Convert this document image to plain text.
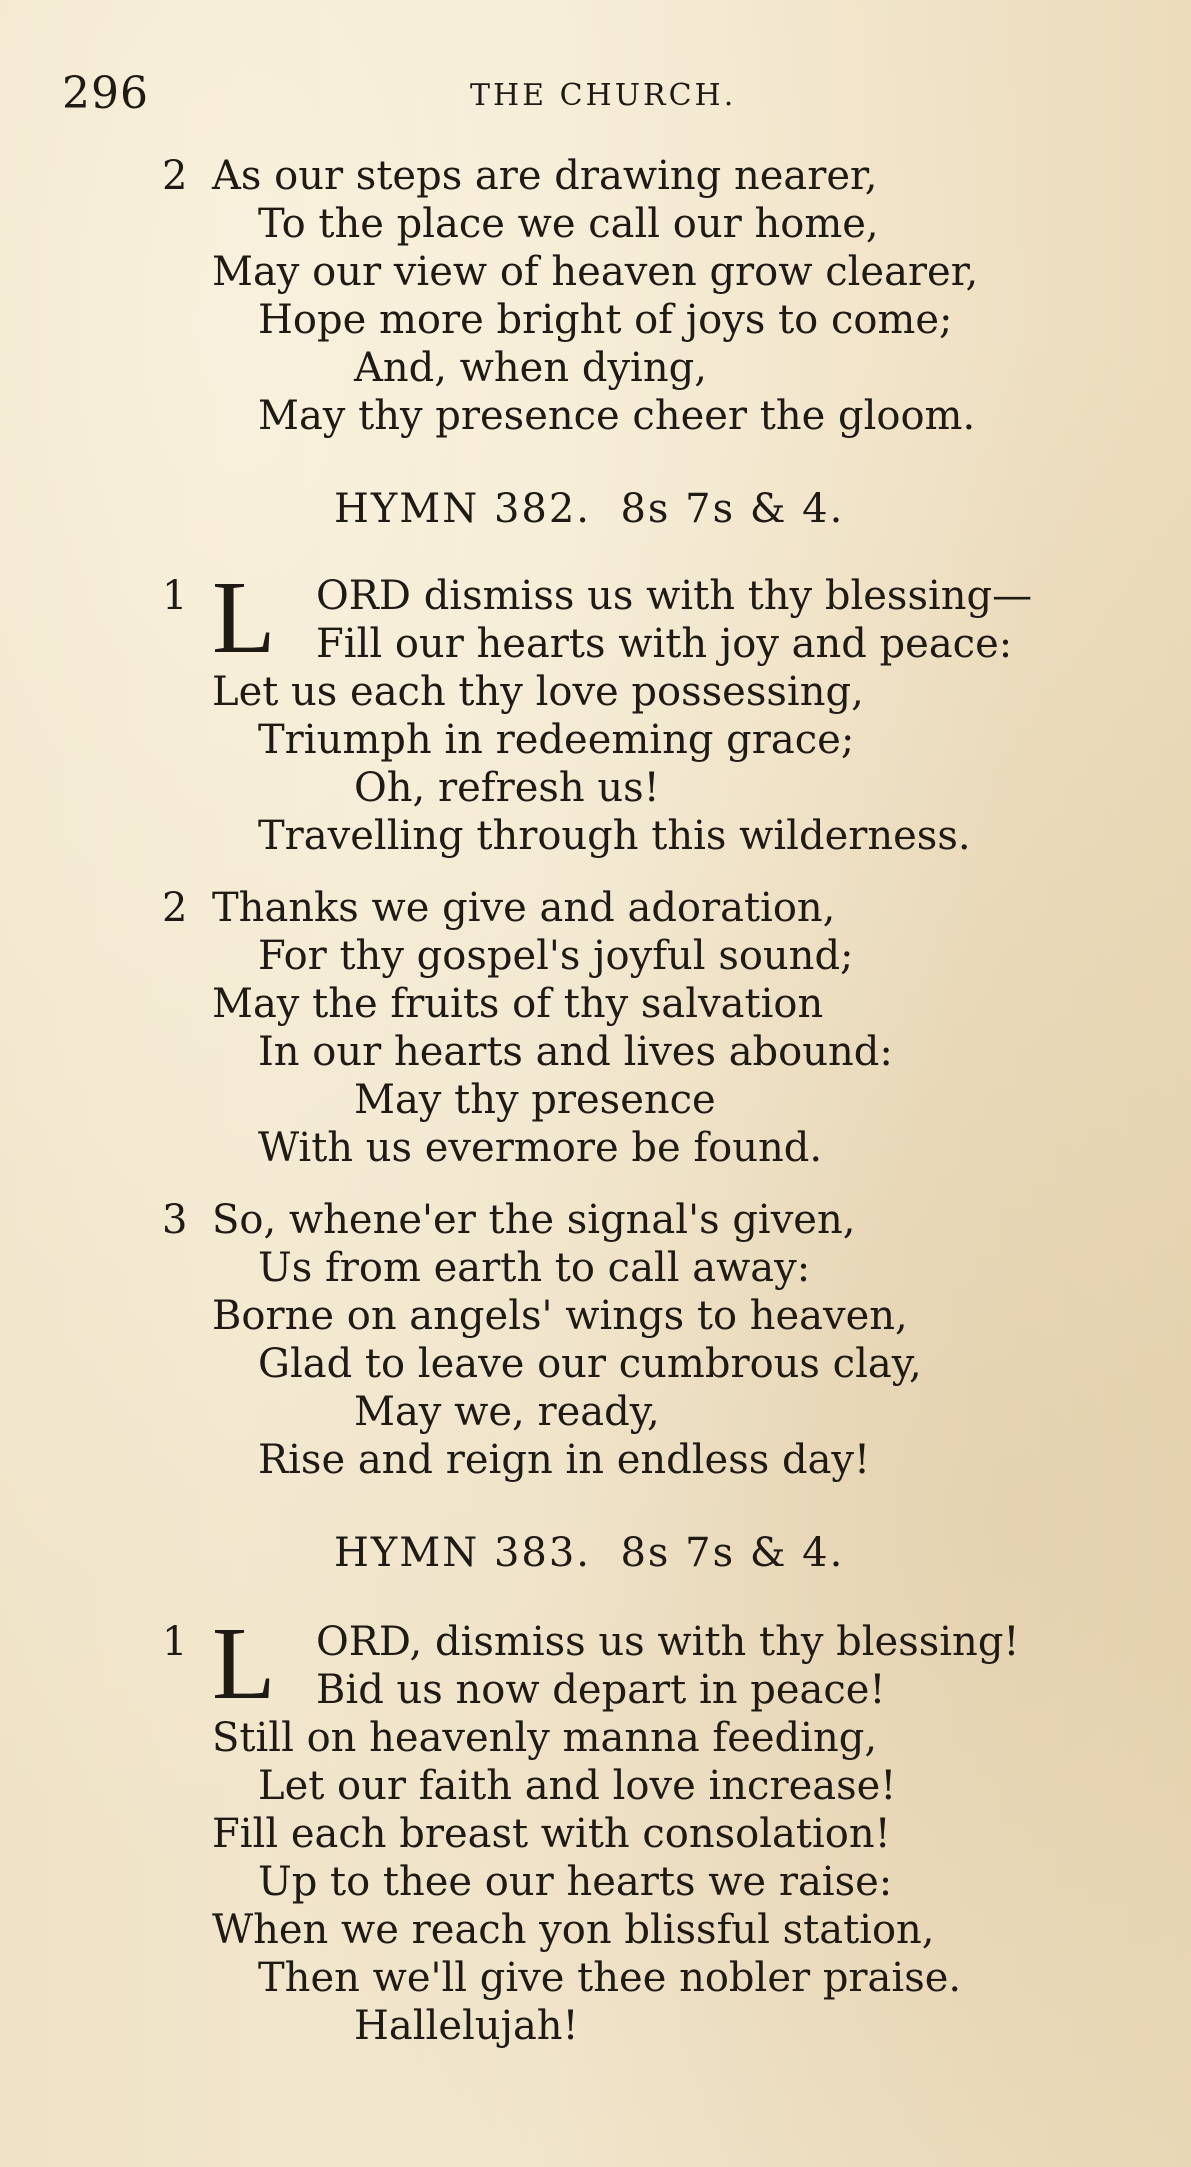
296	THE CHURCH.
2 As our steps are drawing nearer,
To the place we call our home,
May our view of heaven grow clearer,
Hope more bright of joys to come;
And, when dying,
May thy presence cheer the gloom.
HYMN 382. 8s 7s & 4.
1 L ORD dismiss us with thy blessing—
Fill our hearts with joy and peace:
Let us each thy love possessing,
Triumph in redeeming grace;
Oh, refresh us!
Travelling through this wilderness.
2 Thanks we give and adoration,
For thy gospel's joyful sound;
May the fruits of thy salvation
In our hearts and lives abound:
May thy presence
With us evermore be found.
3 So, whene'er the signal's given,
Us from earth to call away:
Borne on angels' wings to heaven,
Glad to leave our cumbrous clay,
May we, ready,
Rise and reign in endless day!
HYMN 383. 8s 7s & 4.
1 L ORD, dismiss us with thy blessing!
Bid us now depart in peace!
Still on heavenly manna feeding,
Let our faith and love increase!
Fill each breast with consolation!
Up to thee our hearts we raise:
When we reach yon blissful station,
Then we'll give thee nobler praise.
Hallelujah!
